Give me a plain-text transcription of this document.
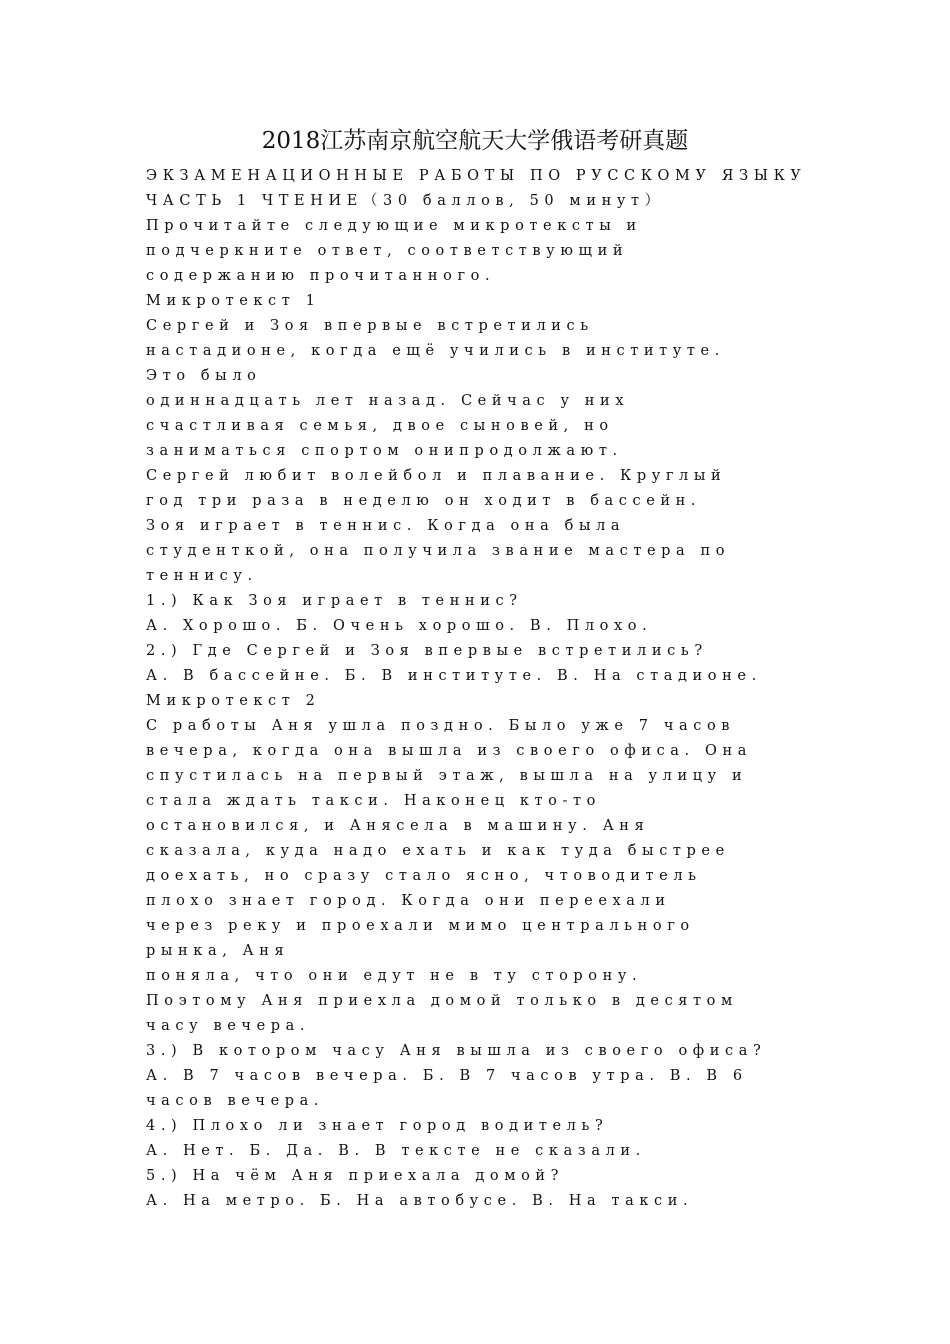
2018江苏南京航空航天大学俄语考研真题
ЭКЗАМЕНАЦИОННЫЕ РАБОТЫ ПО РУССКОМУ ЯЗЫКУ
ЧАСТЬ 1 ЧТЕНИЕ（30 баллов, 50 минут）
Прочитайте следующие микротексты и
подчеркните ответ, соответствующий
содержанию прочитанного.
Микротекст 1
Сергей и Зоя впервые встретились
настадионе, когда ещё учились в институте.
Это было
одиннадцать лет назад. Сейчас у них
счастливая семья, двое сыновей, но
заниматься спортом онипродолжают.
Сергей любит волейбол и плавание. Круглый
год три раза в неделю он ходит в бассейн.
Зоя играет в теннис. Когда она была
студенткой, она получила звание мастера по
теннису.
1.) Как Зоя играет в теннис?
А. Хорошо. Б. Очень хорошо. В. Плохо.
2.) Где Сергей и Зоя впервые встретились?
А. В бассейне. Б. В институте. В. На стадионе.
Микротекст 2
С работы Аня ушла поздно. Было уже 7 часов
вечера, когда она вышла из своего офиса. Она
спустилась на первый этаж, вышла на улицу и
стала ждать такси. Наконец кто-то
остановился, и Анясела в машину. Аня
сказала, куда надо ехать и как туда быстрее
доехать, но сразу стало ясно, чтоводитель
плохо знает город. Когда они переехали
через реку и проехали мимо центрального
рынка, Аня
поняла, что они едут не в ту сторону.
Поэтому Аня приехла домой только в десятом
часу вечера.
3.) В котором часу Аня вышла из своего офиса?
А. В 7 часов вечера. Б. В 7 часов утра. В. В 6
часов вечера.
4.) Плохо ли знает город водитель?
А. Нет. Б. Да. В. В тексте не сказали.
5.) На чём Аня приехала домой?
А. На метро. Б. На автобусе. В. На такси.
